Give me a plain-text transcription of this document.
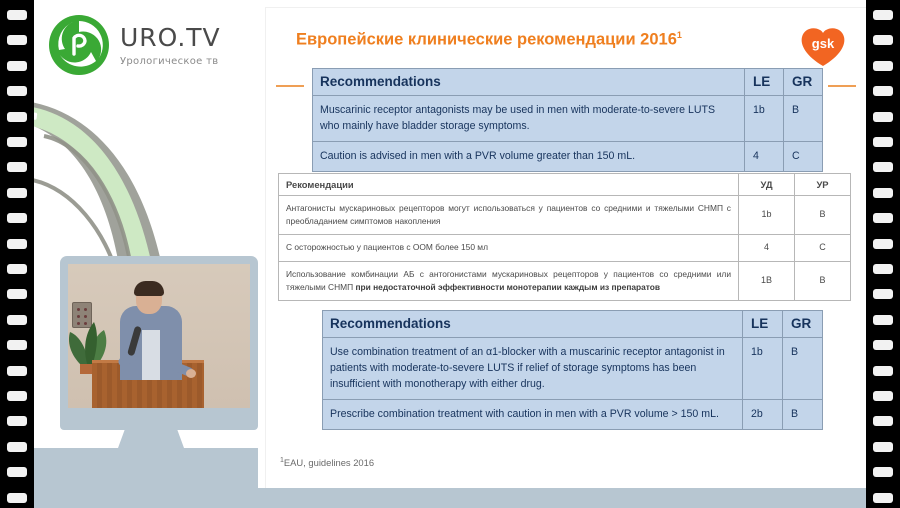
URO.TV
Урологическое тв
Европейские клинические рекомендации 2016$^1$
gsk
Recommendations	LE	GR
Muscarinic receptor antagonists may be used in men with moderate-to-severe LUTS who mainly have bladder storage symptoms.	1b	B
Caution is advised in men with a PVR volume greater than 150 mL.	4	C
Рекомендации	УД	УР
Антагонисты мускариновых рецепторов могут использоваться у пациентов со средними и тяжелыми СНМП с преобладанием симптомов накопления	1b	B
С осторожностью у пациентов с ООМ более 150 мл	4	C
Использование комбинации АБ с антогонистами мускариновых рецепторов у пациентов со средними или тяжелыми СНМП при недостаточной эффективности монотерапии каждым из препаратов	1В	B
Recommendations	LE	GR
Use combination treatment of an α1-blocker with a muscarinic receptor antagonist in patients with moderate-to-severe LUTS if relief of storage symptoms has been insufficient with monotherapy with either drug.	1b	B
Prescribe combination treatment with caution in men with a PVR volume > 150 mL.	2b	B
$^1$EAU, guidelines 2016
